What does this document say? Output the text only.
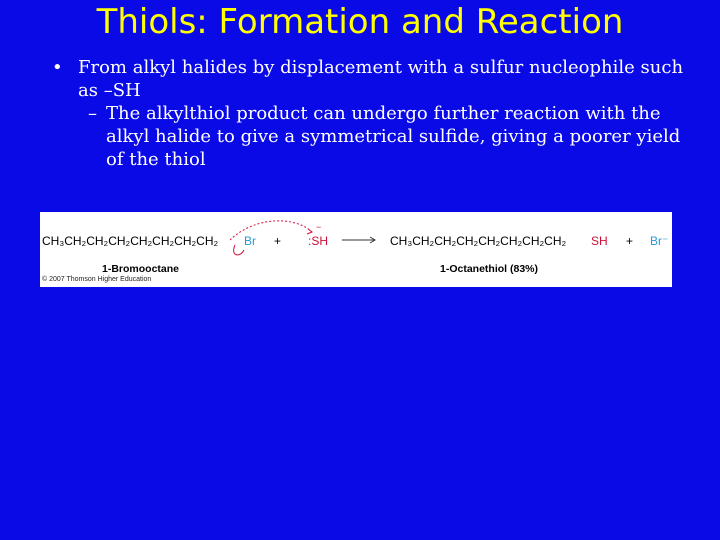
Thiols: Formation and Reaction
• From alkyl halides by displacement with a sulfur nucleophile such as –SH
– The alkylthiol product can undergo further reaction with the alkyl halide to give a symmetrical sulfide, giving a poorer yield of the thiol
CH₃CH₂CH₂CH₂CH₂CH₂CH₂CH₂ Br +
−
:SH	CH₃CH₂CH₂CH₂CH₂CH₂CH₂CH₂ SH + Br⁻
1-Bromooctane	1-Octanethiol (83%)
© 2007 Thomson Higher Education
